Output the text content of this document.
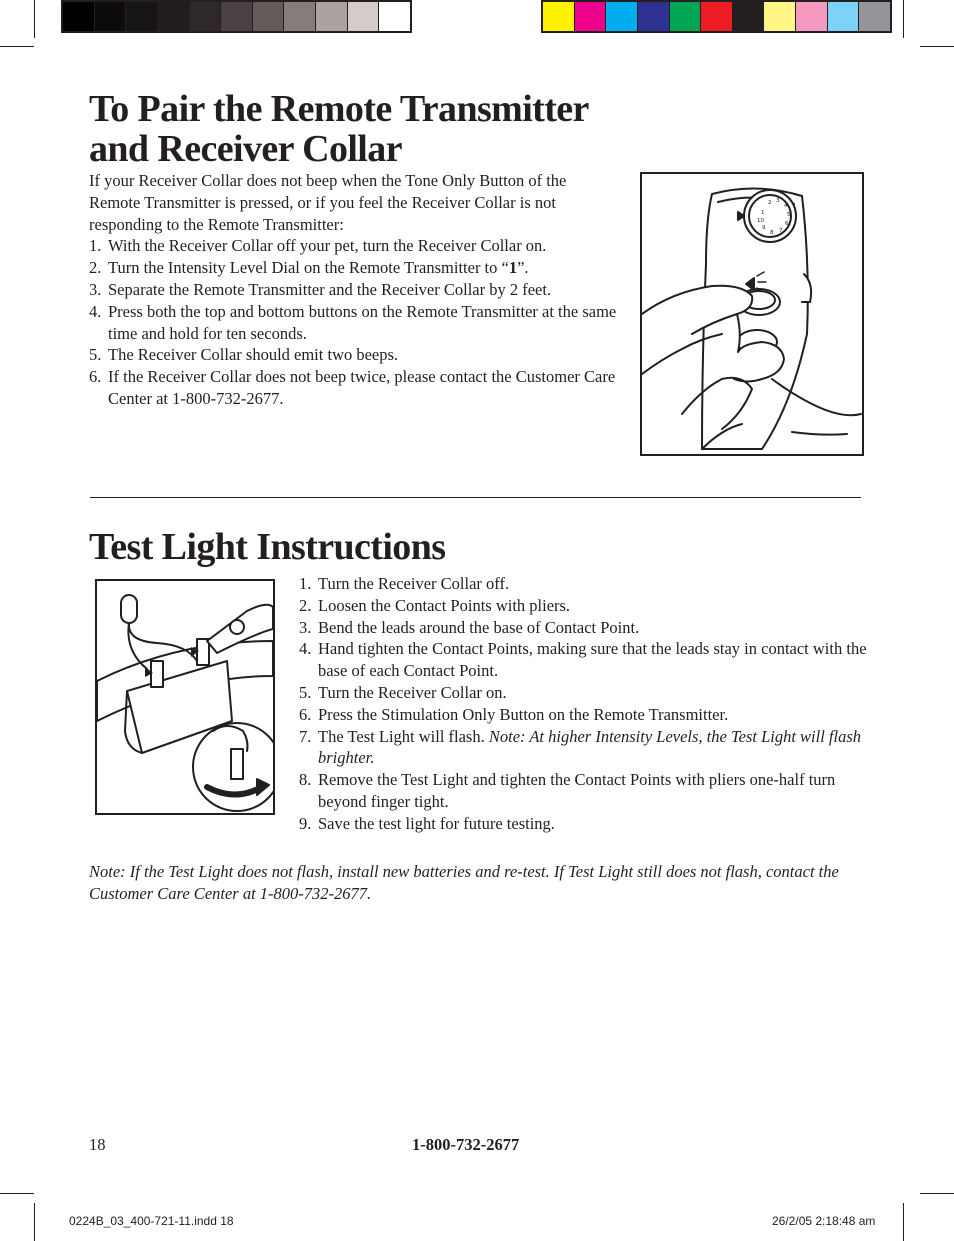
To Pair the Remote Transmitter
and Receiver Collar

If your Receiver Collar does not beep when the Tone Only Button of the Remote Transmitter is pressed, or if you feel the Receiver Collar is not responding to the Remote Transmitter:

1. With the Receiver Collar off your pet, turn the Receiver Collar on.
2. Turn the Intensity Level Dial on the Remote Transmitter to “1”.
3. Separate the Remote Transmitter and the Receiver Collar by 2 feet.
4. Press both the top and bottom buttons on the Remote Transmitter at the same time and hold for ten seconds.
5. The Receiver Collar should emit two beeps.
6. If the Receiver Collar does not beep twice, please contact the Customer Care Center at 1-800-732-2677.
1
2 3
4
5
6
7
8
9
10
Test Light Instructions
1. Turn the Receiver Collar off.
2. Loosen the Contact Points with pliers.
3. Bend the leads around the base of Contact Point.
4. Hand tighten the Contact Points, making sure that the leads stay in contact with the base of each Contact Point.
5. Turn the Receiver Collar on.
6. Press the Stimulation Only Button on the Remote Transmitter.
7. The Test Light will flash. Note: At higher Intensity Levels, the Test Light will flash brighter.
8. Remove the Test Light and tighten the Contact Points with pliers one-half turn beyond finger tight.
9. Save the test light for future testing.
Note: If the Test Light does not flash, install new batteries and re-test. If Test Light still does not flash, contact the Customer Care Center at 1-800-732-2677.
18	1-800-732-2677
0224B_03_400-721-11.indd 18	26/2/05 2:18:48 am
